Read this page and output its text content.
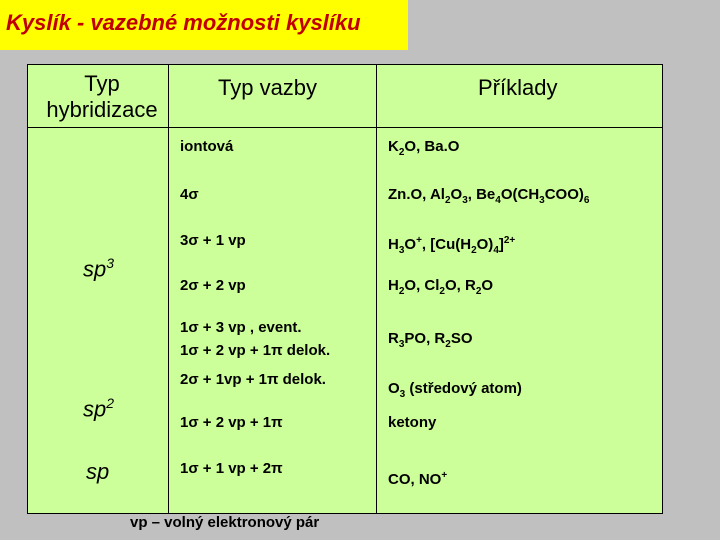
Kyslík - vazebné možnosti kyslíku
Typ hybridizace
Typ vazby	Příklady
$sp^3$
$sp^2$
sp
iontová
4σ
3σ + 1 vp
2σ + 2 vp
1σ + 3 vp , event.
1σ + 2 vp + 1π delok.
2σ + 1vp + 1π delok.
1σ + 2 vp + 1π
1σ + 1 vp + 2π
$K_2O$, Ba.O
Zn.O, $Al_2O_3$, $Be_4O(CH_3COO)_6$
$H_3O^+$, $[Cu(H_2O)_4]^{2+}$
$H_2O$, $Cl_2O$, $R_2O$
$R_3PO$, $R_2SO$
$O_3$ (středový atom)
ketony
CO, NO+
vp – volný elektronový pár
